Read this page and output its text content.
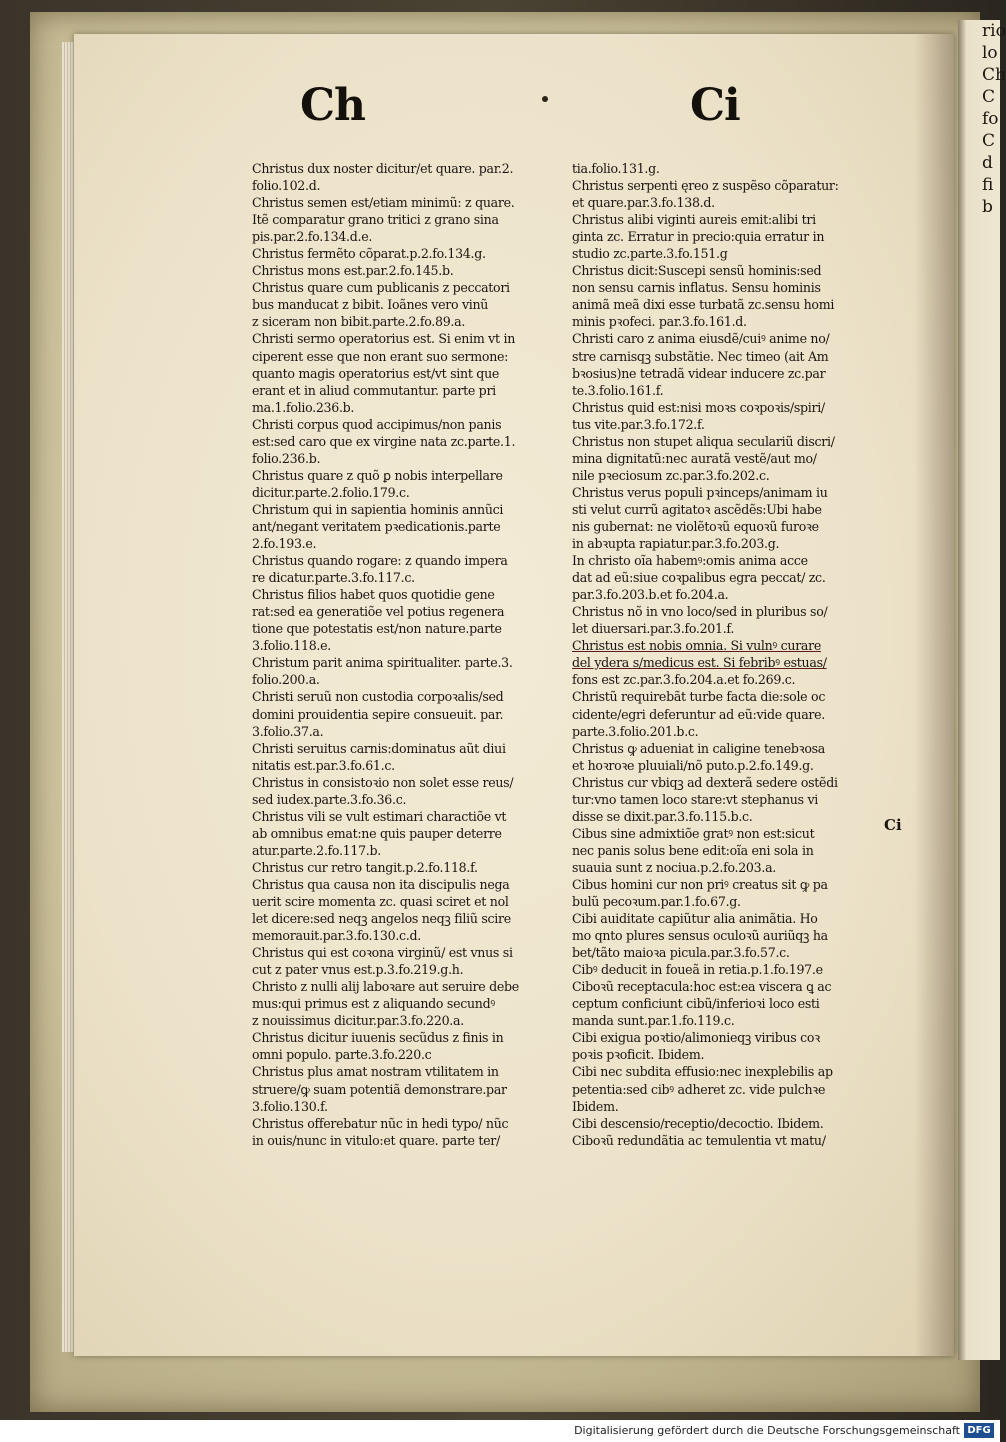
rio
lo
Ch
C
fo
C
d
fi
b
Ch	Ci
Christus dux noster dicitur/et quare. par.2.
folio.102.d.
Christus semen est/etiam minimũ: z quare.
Itẽ comparatur grano tritici z grano sina
pis.par.2.fo.134.d.e.
Christus fermẽto cõparat.p.2.fo.134.g.
Christus mons est.par.2.fo.145.b.
Christus quare cum publicanis z peccatori
bus manducat z bibit. Ioãnes vero vinũ
z siceram non bibit.parte.2.fo.89.a.
Christi sermo operatorius est. Si enim vt in
ciperent esse que non erant suo sermone:
quanto magis operatorius est/vt sint que
erant et in aliud commutantur. parte pri
ma.1.folio.236.b.
Christi corpus quod accipimus/non panis
est:sed caro que ex virgine nata zc.parte.1.
folio.236.b.
Christus quare z quõ ꝑ nobis interpellare
dicitur.parte.2.folio.179.c.
Christum qui in sapientia hominis annũci
ant/negant veritatem pꝛedicationis.parte
2.fo.193.e.
Christus quando rogare: z quando impera
re dicatur.parte.3.fo.117.c.
Christus filios habet quos quotidie gene
rat:sed ea generatiõe vel potius regenera
tione que potestatis est/non nature.parte
3.folio.118.e.
Christum parit anima spiritualiter. parte.3.
folio.200.a.
Christi seruũ non custodia corpoꝛalis/sed
domini prouidentia sepire consueuit. par.
3.folio.37.a.
Christi seruitus carnis:dominatus aũt diui
nitatis est.par.3.fo.61.c.
Christus in consistoꝛio non solet esse reus/
sed iudex.parte.3.fo.36.c.
Christus vili se vult estimari charactiõe vt
ab omnibus emat:ne quis pauper deterre
atur.parte.2.fo.117.b.
Christus cur retro tangit.p.2.fo.118.f.
Christus qua causa non ita discipulis nega
uerit scire momenta zc. quasi sciret et nol
let dicere:sed neqꝫ angelos neqꝫ filiũ scire
memorauit.par.3.fo.130.c.d.
Christus qui est coꝛona virginũ/ est vnus si
cut z pater vnus est.p.3.fo.219.g.h.
Christo z nulli alij laboꝛare aut seruire debe
mus:qui primus est z aliquando secundꝰ
z nouissimus dicitur.par.3.fo.220.a.
Christus dicitur iuuenis secũdus z finis in
omni populo. parte.3.fo.220.c
Christus plus amat nostram vtilitatem in
struere/ꝙ suam potentiã demonstrare.par
3.folio.130.f.
Christus offerebatur nũc in hedi typo/ nũc
in ouis/nunc in vitulo:et quare. parte ter/
tia.folio.131.g.
Christus serpenti ęreo z suspẽso cõparatur:
et quare.par.3.fo.138.d.
Christus alibi viginti aureis emit:alibi tri
ginta zc. Erratur in precio:quia erratur in
studio zc.parte.3.fo.151.g
Christus dicit:Suscepi sensũ hominis:sed
non sensu carnis inflatus. Sensu hominis
animã meã dixi esse turbatã zc.sensu homi
minis pꝛofeci. par.3.fo.161.d.
Christi caro z anima eiusdẽ/cuiꝰ anime no/
stre carnisqꝫ substãtie. Nec timeo (ait Am
bꝛosius)ne tetradã videar inducere zc.par
te.3.folio.161.f.
Christus quid est:nisi moꝛs coꝛpoꝛis/spiri/
tus vite.par.3.fo.172.f.
Christus non stupet aliqua seculariũ discri/
mina dignitatũ:nec auratã vestẽ/aut mo/
nile pꝛeciosum zc.par.3.fo.202.c.
Christus verus populi pꝛinceps/animam iu
sti velut currũ agitatoꝛ ascẽdẽs:Ubi habe
nis gubernat: ne violẽtoꝛũ equoꝛũ furoꝛe
in abꝛupta rapiatur.par.3.fo.203.g.
In christo oĩa habemꝰ:omis anima acce
dat ad eũ:siue coꝛpalibus egra peccat/ zc.
par.3.fo.203.b.et fo.204.a.
Christus nõ in vno loco/sed in pluribus so/
let diuersari.par.3.fo.201.f.
Christus est nobis omnia. Si vulnꝰ curare
del ydera s/medicus est. Si febribꝰ estuas/
fons est zc.par.3.fo.204.a.et fo.269.c.
Christũ requirebãt turbe facta die:sole oc
cidente/egri deferuntur ad eũ:vide quare.
parte.3.folio.201.b.c.
Christus ꝙ adueniat in caligine tenebꝛosa
et hoꝛroꝛe pluuiali/nõ puto.p.2.fo.149.g.
Christus cur vbiqꝫ ad dexterã sedere ostẽdi
tur:vno tamen loco stare:vt stephanus vi
disse se dixit.par.3.fo.115.b.c.
Cibus sine admixtiõe gratꝰ non est:sicut
nec panis solus bene edit:oĩa eni sola in
suauia sunt z nociua.p.2.fo.203.a.
Cibus homini cur non priꝰ creatus sit ꝙ pa
bulũ pecoꝛum.par.1.fo.67.g.
Cibi auiditate capiũtur alia animãtia. Ho
mo qnto plures sensus oculoꝛũ auriũqꝫ ha
bet/tãto maioꝛa picula.par.3.fo.57.c.
Cibꝰ deducit in foueã in retia.p.1.fo.197.e
Ciboꝛũ receptacula:hoc est:ea viscera ꝗ ac
ceptum conficiunt cibũ/inferioꝛi loco esti
manda sunt.par.1.fo.119.c.
Cibi exigua poꝛtio/alimonieqꝫ viribus coꝛ
poꝛis pꝛoficit. Ibidem.
Cibi nec subdita effusio:nec inexplebilis ap
petentia:sed cibꝰ adheret zc. vide pulchꝛe
Ibidem.
Cibi descensio/receptio/decoctio. Ibidem.
Ciboꝛũ redundãtia ac temulentia vt matu/
Ci
Digitalisierung gefördert durch die Deutsche Forschungsgemeinschaft DFG
